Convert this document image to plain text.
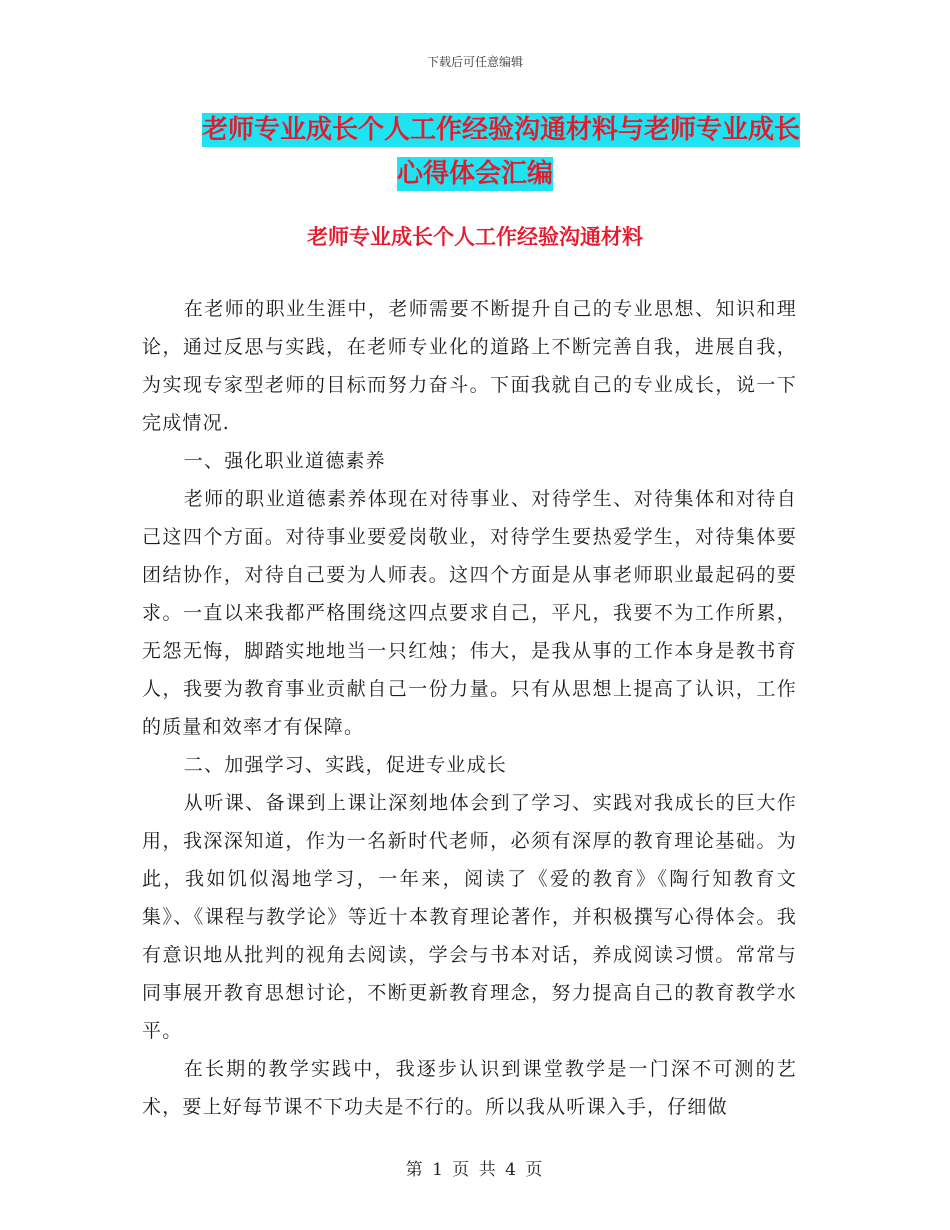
下载后可任意编辑
老师专业成长个人工作经验沟通材料与老师专业成长
心得体会汇编
老师专业成长个人工作经验沟通材料

在老师的职业生涯中，老师需要不断提升自己的专业思想、知识和理论，通过反思与实践，在老师专业化的道路上不断完善自我，进展自我，为实现专家型老师的目标而努力奋斗。下面我就自己的专业成长，说一下完成情况.

一、强化职业道德素养

老师的职业道德素养体现在对待事业、对待学生、对待集体和对待自己这四个方面。对待事业要爱岗敬业，对待学生要热爱学生，对待集体要团结协作，对待自己要为人师表。这四个方面是从事老师职业最起码的要求。一直以来我都严格围绕这四点要求自己，平凡，我要不为工作所累，无怨无悔，脚踏实地地当一只红烛；伟大，是我从事的工作本身是教书育人，我要为教育事业贡献自己一份力量。只有从思想上提高了认识，工作的质量和效率才有保障。

二、加强学习、实践，促进专业成长

从听课、备课到上课让深刻地体会到了学习、实践对我成长的巨大作用，我深深知道，作为一名新时代老师，必须有深厚的教育理论基础。为此，我如饥似渴地学习，一年来，阅读了《爱的教育》《陶行知教育文集》、《课程与教学论》等近十本教育理论著作，并积极撰写心得体会。我有意识地从批判的视角去阅读，学会与书本对话，养成阅读习惯。常常与同事展开教育思想讨论，不断更新教育理念，努力提高自己的教育教学水平。

在长期的教学实践中，我逐步认识到课堂教学是一门深不可测的艺术，要上好每节课不下功夫是不行的。所以我从听课入手，仔细做

第 1 页 共 4 页
